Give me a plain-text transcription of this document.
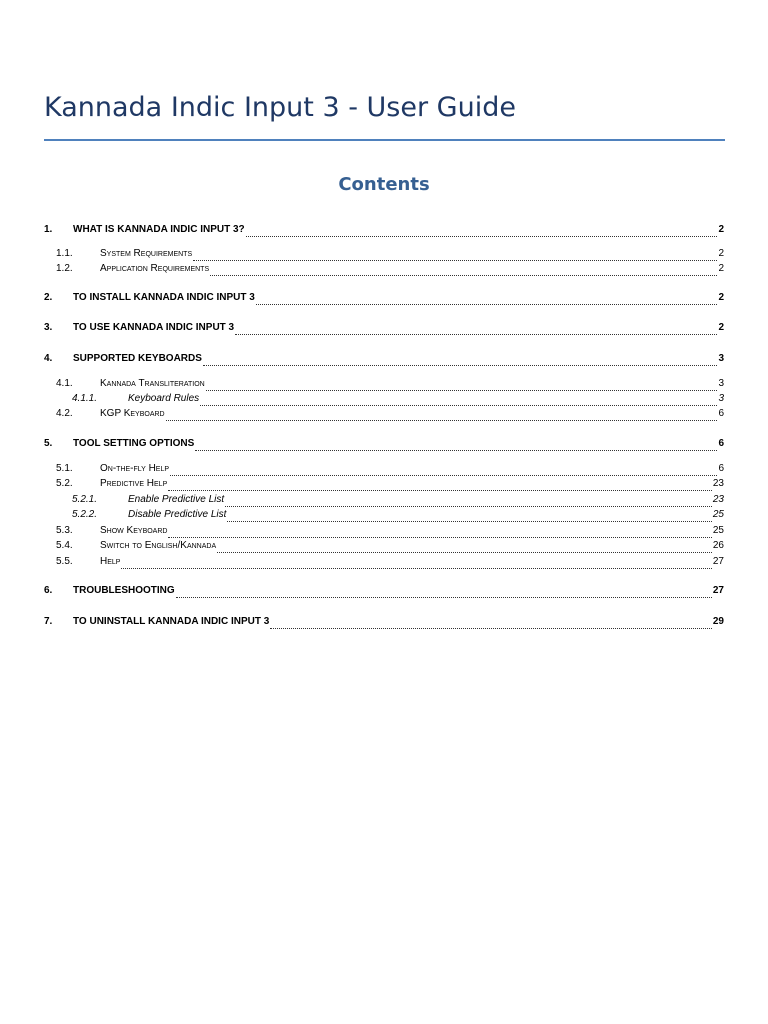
Kannada Indic Input 3 - User Guide
Contents
1.	WHAT IS KANNADA INDIC INPUT 3?	2
1.1.	System Requirements	2
1.2.	Application Requirements	2
2.	TO INSTALL KANNADA INDIC INPUT 3	2
3.	TO USE KANNADA INDIC INPUT 3	2
4.	SUPPORTED KEYBOARDS	3
4.1.	Kannada Transliteration	3
4.1.1.	Keyboard Rules	3
4.2.	KGP Keyboard	6
5.	TOOL SETTING OPTIONS	6
5.1.	On-the-fly Help	6
5.2.	Predictive Help	23
5.2.1.	Enable Predictive List	23
5.2.2.	Disable Predictive List	25
5.3.	Show Keyboard	25
5.4.	Switch to English/Kannada	26
5.5.	Help	27
6.	TROUBLESHOOTING	27
7.	TO UNINSTALL KANNADA INDIC INPUT 3	29
